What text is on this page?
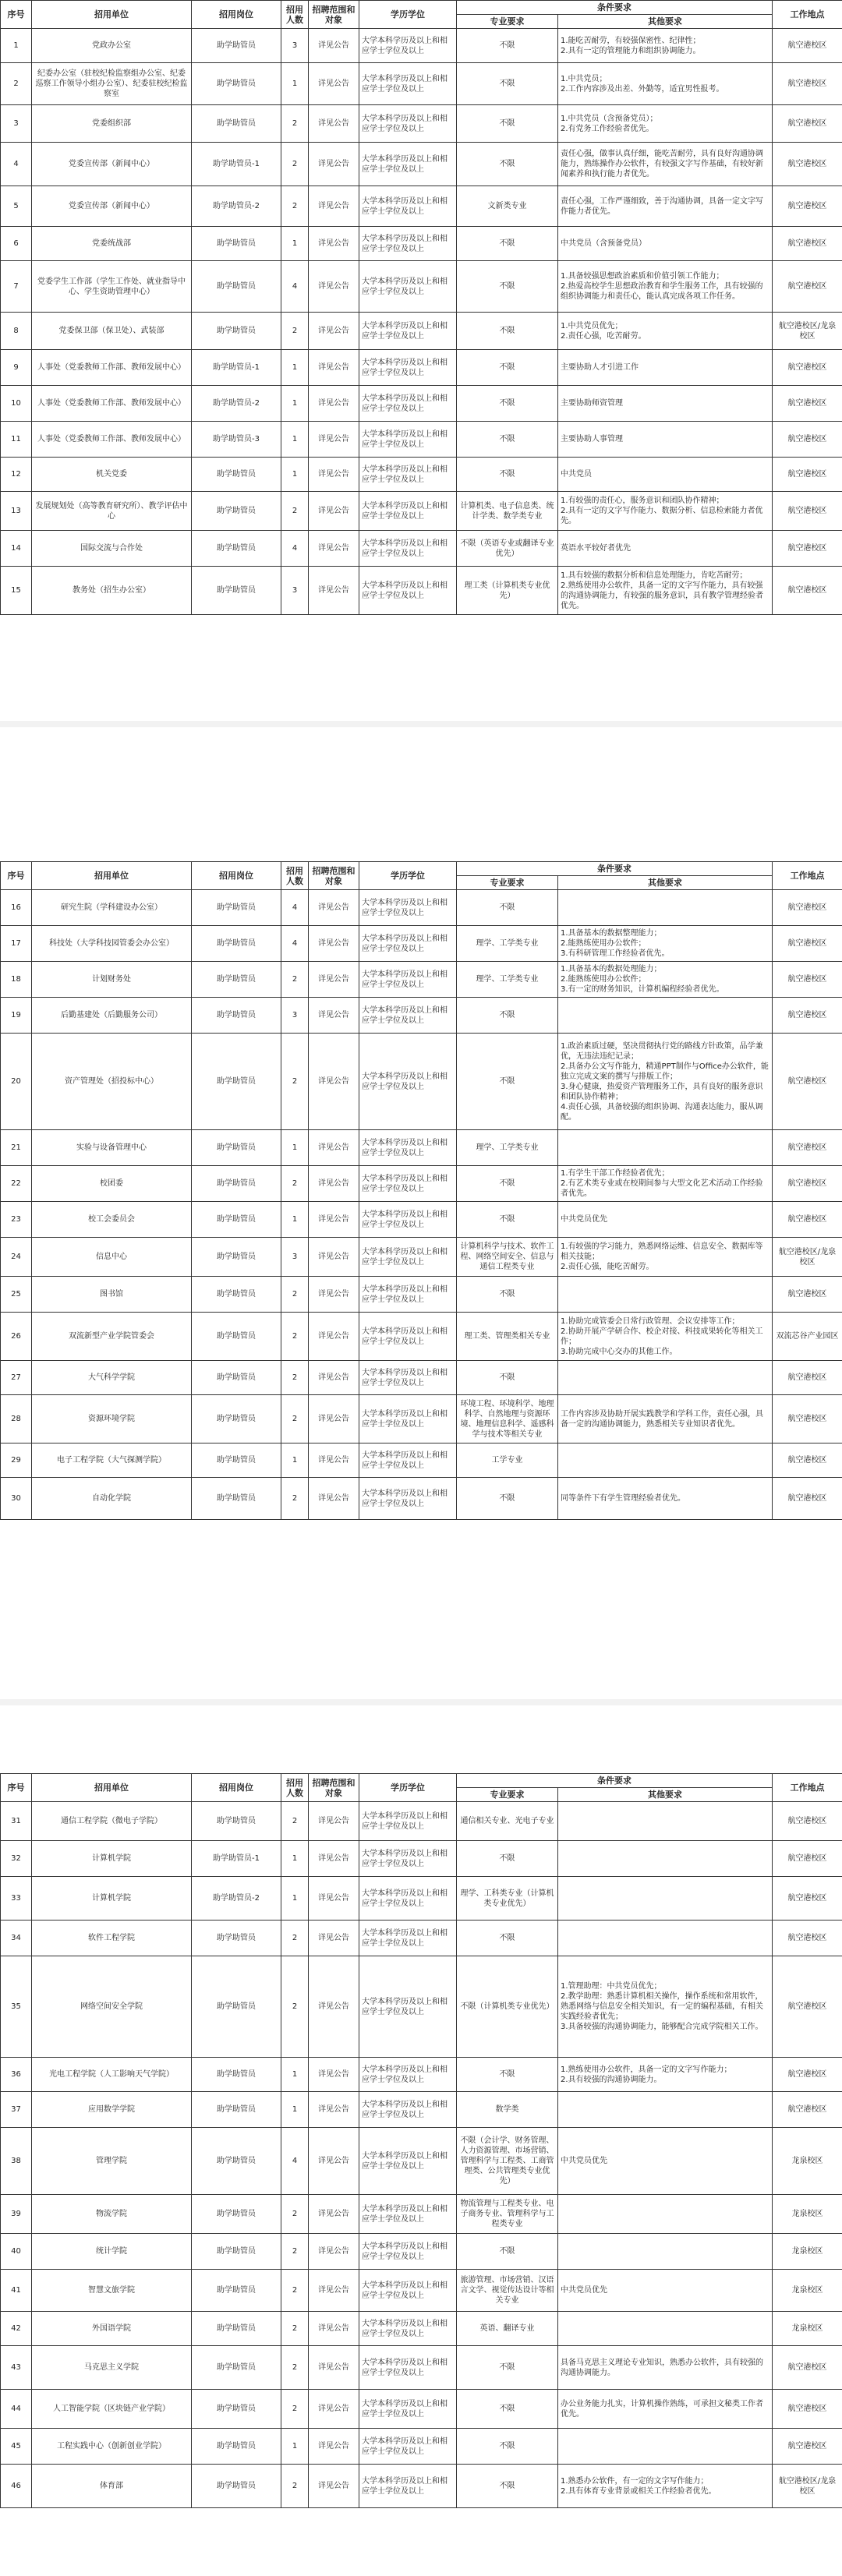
序号	招用单位	招用岗位	招用人数	招聘范围和对象	学历学位	条件要求		工作地点
						专业要求	其他要求	
1	党政办公室	助学助管员	3	详见公告	大学本科学历及以上和相应学士学位及以上	不限	1.能吃苦耐劳，有较强保密性、纪律性；
2.具有一定的管理能力和组织协调能力。	航空港校区
2	纪委办公室（驻校纪检监察组办公室、纪委巡察工作领导小组办公室）、纪委驻校纪检监察室	助学助管员	1	详见公告	大学本科学历及以上和相应学士学位及以上	不限	1.中共党员；
2.工作内容涉及出差、外勤等，适宜男性报考。	航空港校区
3	党委组织部	助学助管员	2	详见公告	大学本科学历及以上和相应学士学位及以上	不限	1.中共党员（含预备党员）；
2.有党务工作经验者优先。	航空港校区
4	党委宣传部（新闻中心）	助学助管员-1	2	详见公告	大学本科学历及以上和相应学士学位及以上	不限	责任心强，做事认真仔细，能吃苦耐劳，具有良好沟通协调能力，熟练操作办公软件，有较强文字写作基础，有较好新闻素养和执行能力者优先。	航空港校区
5	党委宣传部（新闻中心）	助学助管员-2	2	详见公告	大学本科学历及以上和相应学士学位及以上	文新类专业	责任心强，工作严谨细致，善于沟通协调，具备一定文字写作能力者优先。	航空港校区
6	党委统战部	助学助管员	1	详见公告	大学本科学历及以上和相应学士学位及以上	不限	中共党员（含预备党员）	航空港校区
7	党委学生工作部（学生工作处、就业指导中心、学生资助管理中心）	助学助管员	4	详见公告	大学本科学历及以上和相应学士学位及以上	不限	1.具备较强思想政治素质和价值引领工作能力；
2.热爱高校学生思想政治教育和学生服务工作，具有较强的组织协调能力和责任心，能认真完成各项工作任务。	航空港校区
8	党委保卫部（保卫处）、武装部	助学助管员	2	详见公告	大学本科学历及以上和相应学士学位及以上	不限	1.中共党员优先；
2.责任心强，吃苦耐劳。	航空港校区/龙泉校区
9	人事处（党委教师工作部、教师发展中心）	助学助管员-1	1	详见公告	大学本科学历及以上和相应学士学位及以上	不限	主要协助人才引进工作	航空港校区
10	人事处（党委教师工作部、教师发展中心）	助学助管员-2	1	详见公告	大学本科学历及以上和相应学士学位及以上	不限	主要协助师资管理	航空港校区
11	人事处（党委教师工作部、教师发展中心）	助学助管员-3	1	详见公告	大学本科学历及以上和相应学士学位及以上	不限	主要协助人事管理	航空港校区
12	机关党委	助学助管员	1	详见公告	大学本科学历及以上和相应学士学位及以上	不限	中共党员	航空港校区
13	发展规划处（高等教育研究所）、教学评估中心	助学助管员	2	详见公告	大学本科学历及以上和相应学士学位及以上	计算机类、电子信息类、统计学类、数学类专业	1.有较强的责任心，服务意识和团队协作精神；
2.具有一定的文字写作能力、数据分析、信息检索能力者优先。	航空港校区
14	国际交流与合作处	助学助管员	4	详见公告	大学本科学历及以上和相应学士学位及以上	不限（英语专业或翻译专业优先）	英语水平较好者优先	航空港校区
15	教务处（招生办公室）	助学助管员	3	详见公告	大学本科学历及以上和相应学士学位及以上	理工类（计算机类专业优先）	1.具有较强的数据分析和信息处理能力，肯吃苦耐劳；
2.熟练使用办公软件，具备一定的文字写作能力，具有较强的沟通协调能力，有较强的服务意识，具有教学管理经验者优先。	航空港校区
序号	招用单位	招用岗位	招用人数	招聘范围和对象	学历学位	条件要求		工作地点
						专业要求	其他要求	
16	研究生院（学科建设办公室）	助学助管员	4	详见公告	大学本科学历及以上和相应学士学位及以上	不限		航空港校区
17	科技处（大学科技园管委会办公室）	助学助管员	4	详见公告	大学本科学历及以上和相应学士学位及以上	理学、工学类专业	1.具备基本的数据整理能力；
2.能熟练使用办公软件；
3.有科研管理工作经验者优先。	航空港校区
18	计划财务处	助学助管员	2	详见公告	大学本科学历及以上和相应学士学位及以上	理学、工学类专业	1.具备基本的数据处理能力；
2.能熟练使用办公软件；
3.有一定的财务知识，计算机编程经验者优先。	航空港校区
19	后勤基建处（后勤服务公司）	助学助管员	3	详见公告	大学本科学历及以上和相应学士学位及以上	不限		航空港校区
20	资产管理处（招投标中心）	助学助管员	2	详见公告	大学本科学历及以上和相应学士学位及以上	不限	1.政治素质过硬，坚决贯彻执行党的路线方针政策，品学兼优，无违法违纪记录；
2.具备办公文写作能力，精通PPT制作与Office办公软件，能独立完成文案的撰写与排版工作；
3.身心健康，热爱资产管理服务工作，具有良好的服务意识和团队协作精神；
4.责任心强，具备较强的组织协调、沟通表达能力，服从调配。	航空港校区
21	实验与设备管理中心	助学助管员	1	详见公告	大学本科学历及以上和相应学士学位及以上	理学、工学类专业		航空港校区
22	校团委	助学助管员	2	详见公告	大学本科学历及以上和相应学士学位及以上	不限	1.有学生干部工作经验者优先；
2.有艺术类专业或在校期间参与大型文化艺术活动工作经验者优先。	航空港校区
23	校工会委员会	助学助管员	1	详见公告	大学本科学历及以上和相应学士学位及以上	不限	中共党员优先	航空港校区
24	信息中心	助学助管员	3	详见公告	大学本科学历及以上和相应学士学位及以上	计算机科学与技术、软件工程、网络空间安全、信息与通信工程类专业	1.有较强的学习能力，熟悉网络运维、信息安全、数据库等相关技能；
2.责任心强，能吃苦耐劳。	航空港校区/龙泉校区
25	图书馆	助学助管员	2	详见公告	大学本科学历及以上和相应学士学位及以上	不限		航空港校区
26	双流新型产业学院管委会	助学助管员	2	详见公告	大学本科学历及以上和相应学士学位及以上	理工类、管理类相关专业	1.协助完成管委会日常行政管理、会议安排等工作；
2.协助开展产学研合作、校企对接、科技成果转化等相关工作；
3.协助完成中心交办的其他工作。	双流芯谷产业园区
27	大气科学学院	助学助管员	2	详见公告	大学本科学历及以上和相应学士学位及以上	不限		航空港校区
28	资源环境学院	助学助管员	2	详见公告	大学本科学历及以上和相应学士学位及以上	环境工程、环境科学、地理科学、自然地理与资源环境、地理信息科学、遥感科学与技术等相关专业	工作内容涉及协助开展实践教学和学科工作，责任心强，具备一定的沟通协调能力，熟悉相关专业知识者优先。	航空港校区
29	电子工程学院（大气探测学院）	助学助管员	1	详见公告	大学本科学历及以上和相应学士学位及以上	工学专业		航空港校区
30	自动化学院	助学助管员	2	详见公告	大学本科学历及以上和相应学士学位及以上	不限	同等条件下有学生管理经验者优先。	航空港校区
序号	招用单位	招用岗位	招用人数	招聘范围和对象	学历学位	条件要求		工作地点
						专业要求	其他要求	
31	通信工程学院（微电子学院）	助学助管员	2	详见公告	大学本科学历及以上和相应学士学位及以上	通信相关专业、光电子专业		航空港校区
32	计算机学院	助学助管员-1	1	详见公告	大学本科学历及以上和相应学士学位及以上	不限		航空港校区
33	计算机学院	助学助管员-2	1	详见公告	大学本科学历及以上和相应学士学位及以上	理学、工科类专业（计算机类专业优先）		航空港校区
34	软件工程学院	助学助管员	2	详见公告	大学本科学历及以上和相应学士学位及以上	不限		航空港校区
35	网络空间安全学院	助学助管员	2	详见公告	大学本科学历及以上和相应学士学位及以上	不限（计算机类专业优先）	1.管理助理：中共党员优先；
2.教学助理：熟悉计算机相关操作，操作系统和常用软件，熟悉网络与信息安全相关知识，有一定的编程基础，有相关实践经验者优先；
3.具备较强的沟通协调能力，能够配合完成学院相关工作。	航空港校区
36	光电工程学院（人工影响天气学院）	助学助管员	1	详见公告	大学本科学历及以上和相应学士学位及以上	不限	1.熟练使用办公软件，具备一定的文字写作能力；
2.具有较强的沟通协调能力。	航空港校区
37	应用数学学院	助学助管员	1	详见公告	大学本科学历及以上和相应学士学位及以上	数学类		航空港校区
38	管理学院	助学助管员	4	详见公告	大学本科学历及以上和相应学士学位及以上	不限（会计学、财务管理、人力资源管理、市场营销、管理科学与工程类、工商管理类、公共管理类专业优先）	中共党员优先	龙泉校区
39	物流学院	助学助管员	2	详见公告	大学本科学历及以上和相应学士学位及以上	物流管理与工程类专业、电子商务专业、管理科学与工程类专业		龙泉校区
40	统计学院	助学助管员	2	详见公告	大学本科学历及以上和相应学士学位及以上	不限		龙泉校区
41	智慧文旅学院	助学助管员	2	详见公告	大学本科学历及以上和相应学士学位及以上	旅游管理、市场营销、汉语言文学、视觉传达设计等相关专业	中共党员优先	龙泉校区
42	外国语学院	助学助管员	2	详见公告	大学本科学历及以上和相应学士学位及以上	英语、翻译专业		龙泉校区
43	马克思主义学院	助学助管员	2	详见公告	大学本科学历及以上和相应学士学位及以上	不限	具备马克思主义理论专业知识，熟悉办公软件，具有较强的沟通协调能力。	航空港校区
44	人工智能学院（区块链产业学院）	助学助管员	2	详见公告	大学本科学历及以上和相应学士学位及以上	不限	办公业务能力扎实，计算机操作熟练，可承担文秘类工作者优先。	航空港校区
45	工程实践中心（创新创业学院）	助学助管员	1	详见公告	大学本科学历及以上和相应学士学位及以上	不限		航空港校区
46	体育部	助学助管员	2	详见公告	大学本科学历及以上和相应学士学位及以上	不限	1.熟悉办公软件，有一定的文字写作能力；
2.具有体育专业背景或相关工作经验者优先。	航空港校区/龙泉校区
